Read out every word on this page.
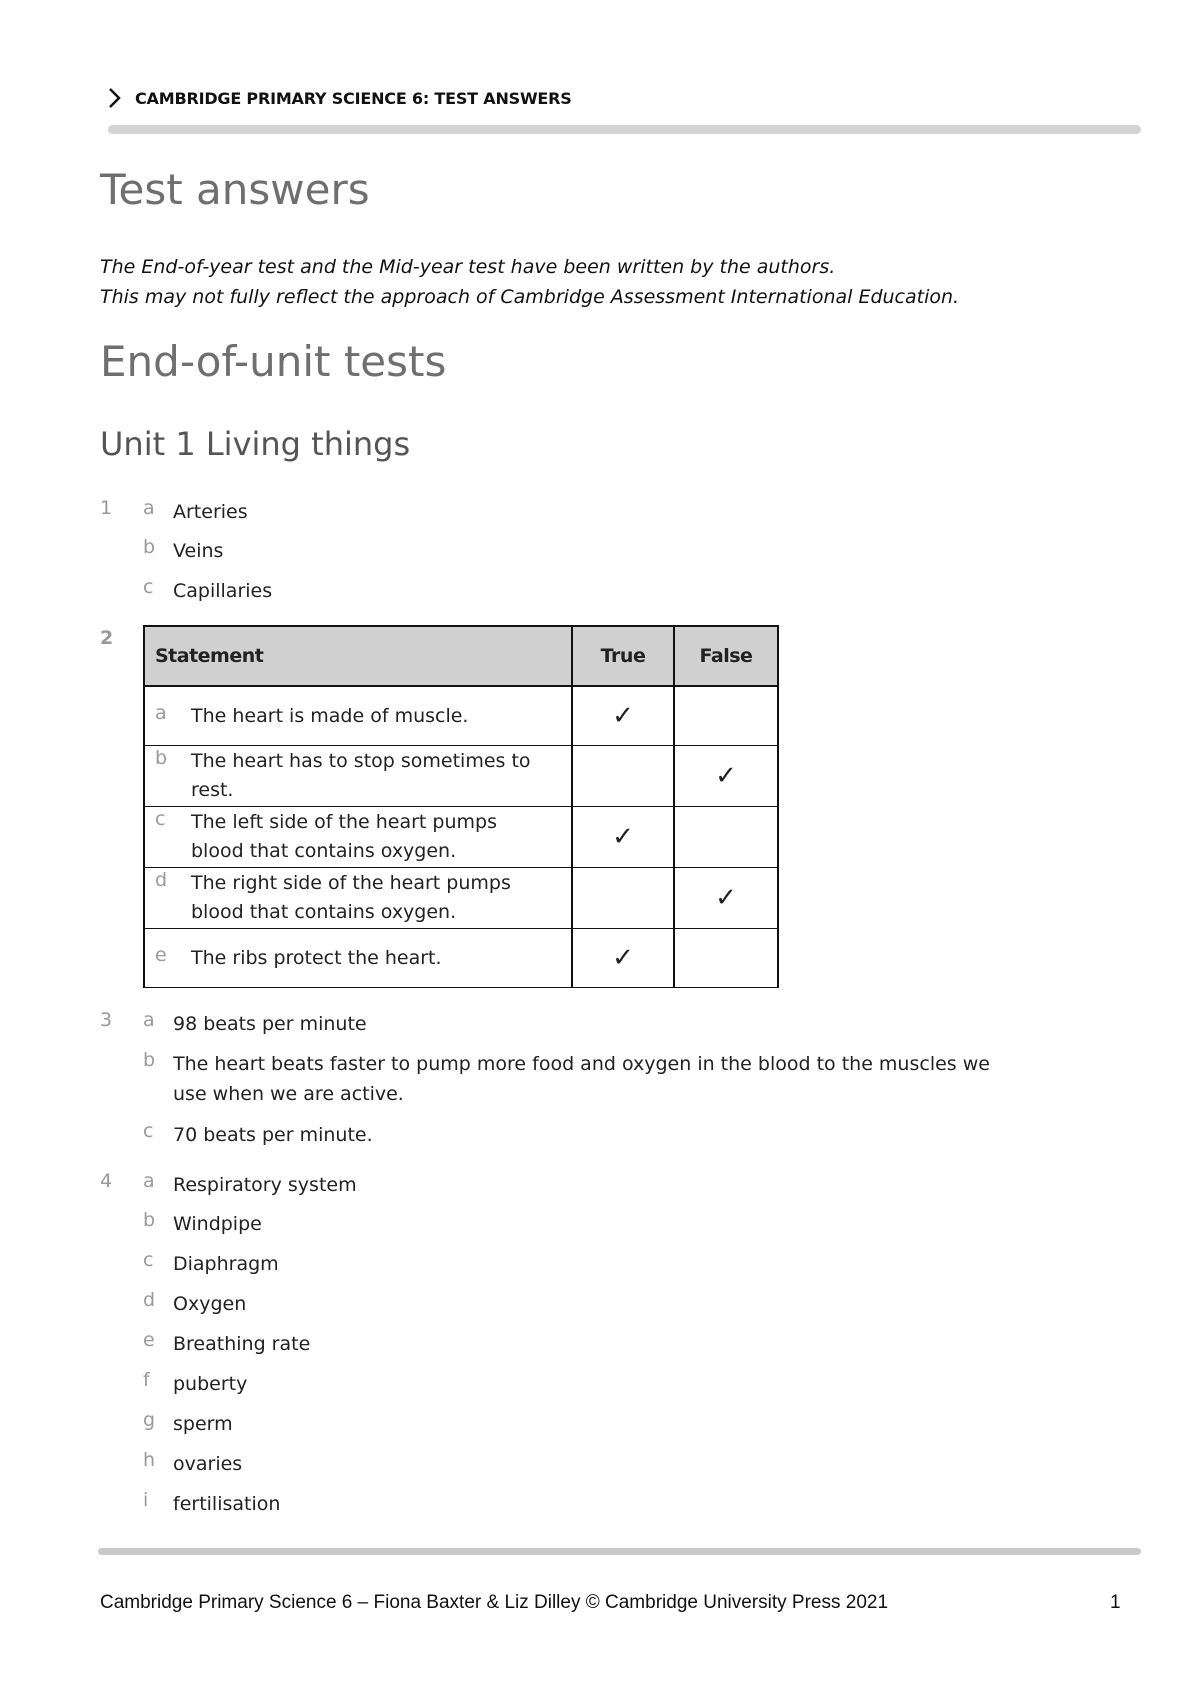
CAMBRIDGE PRIMARY SCIENCE 6: TEST ANSWERS
Test answers
The End-of-year test and the Mid-year test have been written by the authors.
This may not fully reflect the approach of Cambridge Assessment International Education.
End-of-unit tests
Unit 1 Living things
1 a Arteries
b Veins
c	Capillaries
2
Statement	True	False

a The heart is made of muscle.	✓	

b The heart has to stop sometimes to rest.		✓

c The left side of the heart pumps blood that contains oxygen.	✓	

d The right side of the heart pumps blood that contains oxygen.		✓

e The ribs protect the heart.	✓	
3 a 98 beats per minute
b The heart beats faster to pump more food and oxygen in the blood to the muscles we use when we are active.
c	70 beats per minute.
4 a Respiratory system
b Windpipe
c	Diaphragm
d Oxygen
e Breathing rate
f	puberty
g sperm
h ovaries
i	fertilisation
Cambridge Primary Science 6 – Fiona Baxter & Liz Dilley © Cambridge University Press 2021	1
